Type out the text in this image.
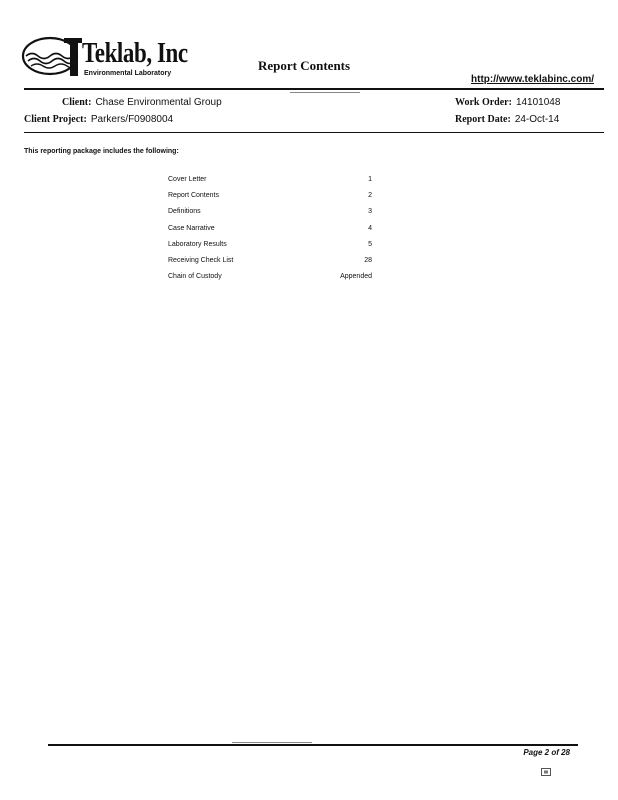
Teklab, Inc
Environmental Laboratory
Report Contents
http://www.teklabinc.com/
Client: Chase Environmental Group
Client Project: Parkers/F0908004
Work Order: 14101048
Report Date: 24-Oct-14
This reporting package includes the following:
Cover Letter	1
Report Contents	2
Definitions	3
Case Narrative	4
Laboratory Results	5
Receiving Check List	28
Chain of Custody	Appended
Page 2 of 28
